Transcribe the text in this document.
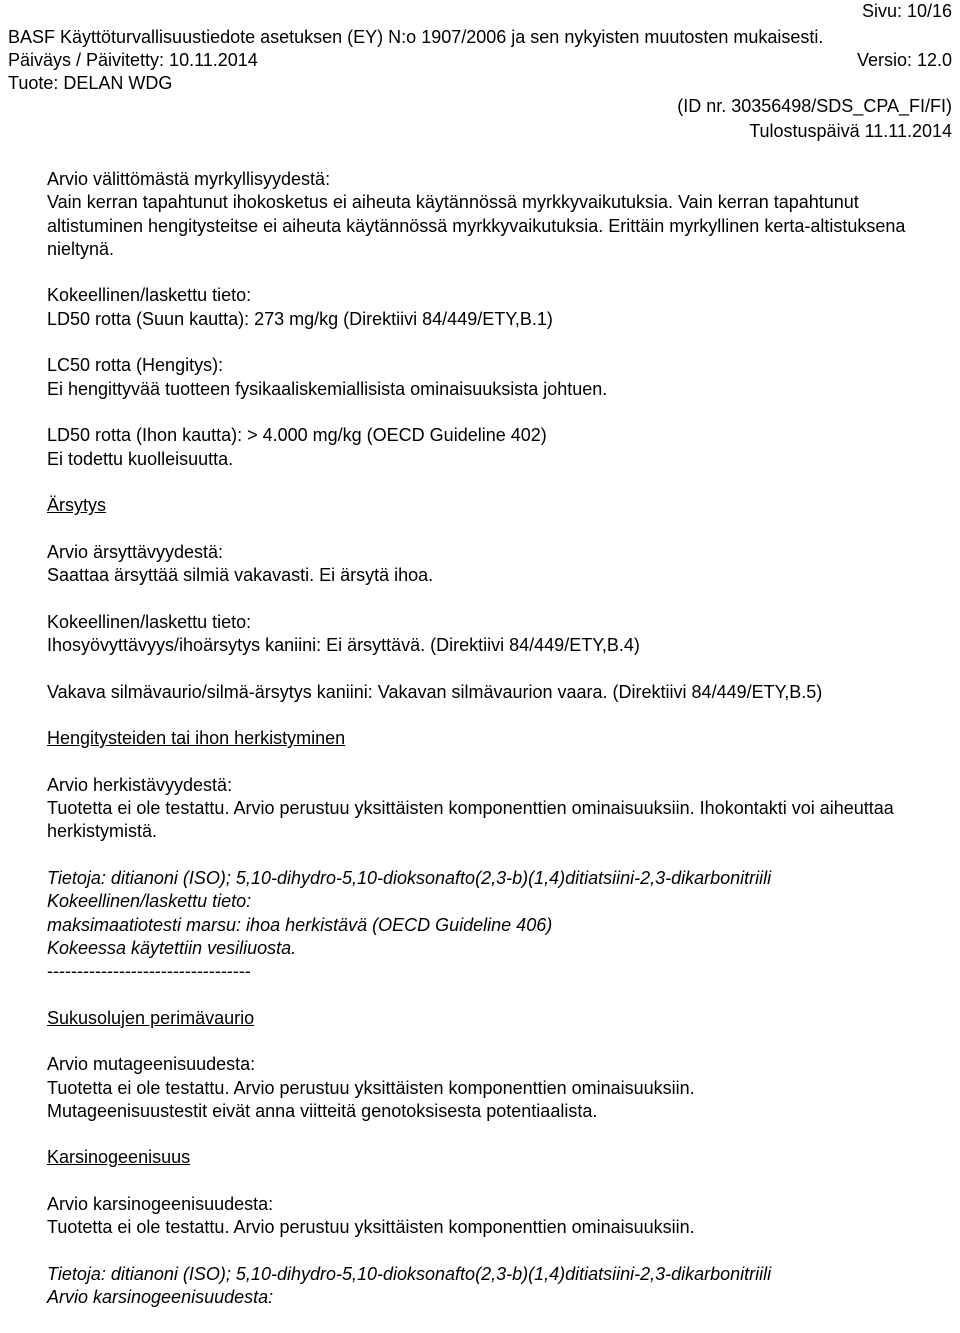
Sivu: 10/16

BASF Käyttöturvallisuustiedote asetuksen (EY) N:o 1907/2006 ja sen nykyisten muutosten mukaisesti.

Päiväys / Päivitetty: 10.11.2014	Versio: 12.0

Tuote: DELAN WDG

(ID nr. 30356498/SDS_CPA_FI/FI)

Tulostuspäivä 11.11.2014

Arvio välittömästä myrkyllisyydestä:

Vain kerran tapahtunut ihokosketus ei aiheuta käytännössä myrkkyvaikutuksia. Vain kerran tapahtunut altistuminen hengitysteitse ei aiheuta käytännössä myrkkyvaikutuksia. Erittäin myrkyllinen kerta-altistuksena nieltynä.

Kokeellinen/laskettu tieto:

LD50 rotta (Suun kautta): 273 mg/kg (Direktiivi 84/449/ETY,B.1)

LC50 rotta (Hengitys):

Ei hengittyvää tuotteen fysikaaliskemiallisista ominaisuuksista johtuen.

LD50 rotta (Ihon kautta): > 4.000 mg/kg (OECD Guideline 402)

Ei todettu kuolleisuutta.

Ärsytys

Arvio ärsyttävyydestä:

Saattaa ärsyttää silmiä vakavasti. Ei ärsytä ihoa.

Kokeellinen/laskettu tieto:

Ihosyövyttävyys/ihoärsytys kaniini: Ei ärsyttävä. (Direktiivi 84/449/ETY,B.4)

Vakava silmävaurio/silmä-ärsytys kaniini: Vakavan silmävaurion vaara. (Direktiivi 84/449/ETY,B.5)

Hengitysteiden tai ihon herkistyminen

Arvio herkistävyydestä:

Tuotetta ei ole testattu. Arvio perustuu yksittäisten komponenttien ominaisuuksiin. Ihokontakti voi aiheuttaa herkistymistä.

Tietoja: ditianoni (ISO); 5,10-dihydro-5,10-dioksonafto(2,3-b)(1,4)ditiatsiini-2,3-dikarbonitriili

Kokeellinen/laskettu tieto:

maksimaatiotesti marsu: ihoa herkistävä (OECD Guideline 406)

Kokeessa käytettiin vesiliuosta.

----------------------------------

Sukusolujen perimävaurio

Arvio mutageenisuudesta:

Tuotetta ei ole testattu. Arvio perustuu yksittäisten komponenttien ominaisuuksiin.

Mutageenisuustestit eivät anna viitteitä genotoksisesta potentiaalista.

Karsinogeenisuus

Arvio karsinogeenisuudesta:

Tuotetta ei ole testattu. Arvio perustuu yksittäisten komponenttien ominaisuuksiin.

Tietoja: ditianoni (ISO); 5,10-dihydro-5,10-dioksonafto(2,3-b)(1,4)ditiatsiini-2,3-dikarbonitriili

Arvio karsinogeenisuudesta:
